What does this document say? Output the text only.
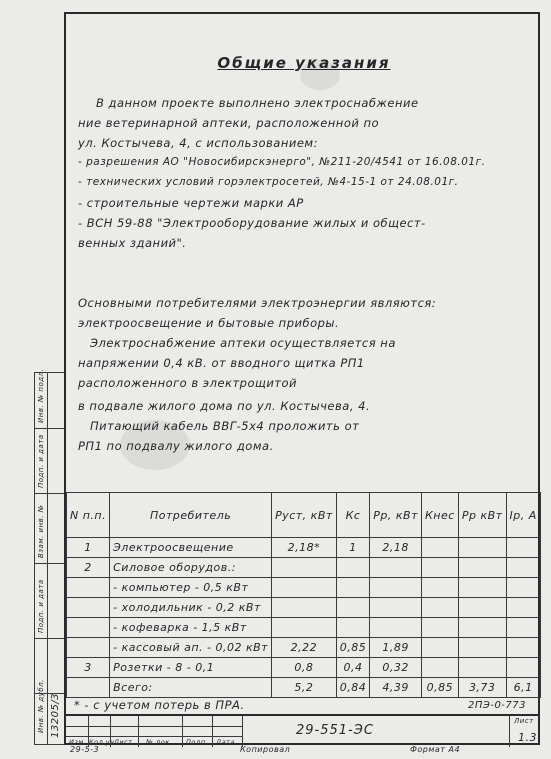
Инв. № подл.
Подп. и дата
Взам. инв. №
Подп. и дата
Инв. № дубл. 13205/3
Общие указания
В данном проекте выполнено электроснабжение
ние ветеринарной аптеки, расположенной по
ул. Костычева, 4, с использованием:
- разрешения АО "Новосибирскэнерго", №211-20/4541 от 16.08.01г.
- технических условий горэлектросетей, №4-15-1 от 24.08.01г.
- строительные чертежи марки АР
- ВСН 59-88 "Электрооборудование жилых и общест-
венных зданий".
Основными потребителями электроэнергии являются:
электроосвещение и бытовые приборы.
Электроснабжение аптеки осуществляется на
напряжении 0,4 кВ. от вводного щитка РП1
расположенного в электрощитой
в подвале жилого дома по ул. Костычева, 4.
Питающий кабель ВВГ-5х4 проложить от
РП1 по подвалу жилого дома.
N п.п.	Потребитель	Руст, кВт	Кс	Рр, кВт	Кнес	Рр кВт	Iр, А
1	Электроосвещение	2,18*	1	2,18			
2	Силовое оборудов.:						
	- компьютер - 0,5 кВт						
	- холодильник - 0,2 кВт						
	- кофеварка - 1,5 кВт						
	- кассовый ап. - 0,02 кВт	2,22	0,85	1,89			
3	Розетки - 8 - 0,1	0,8	0,4	0,32			
	Всего:	5,2	0,84	4,39	0,85	3,73	6,1
* - с учетом потерь в ПРА.	2ПЭ-0-773
Изм Кол.уч Лист № док. Подп. Дата
29-551-ЭС
Лист
1.3
29-5-3	Копировал	Формат А4
